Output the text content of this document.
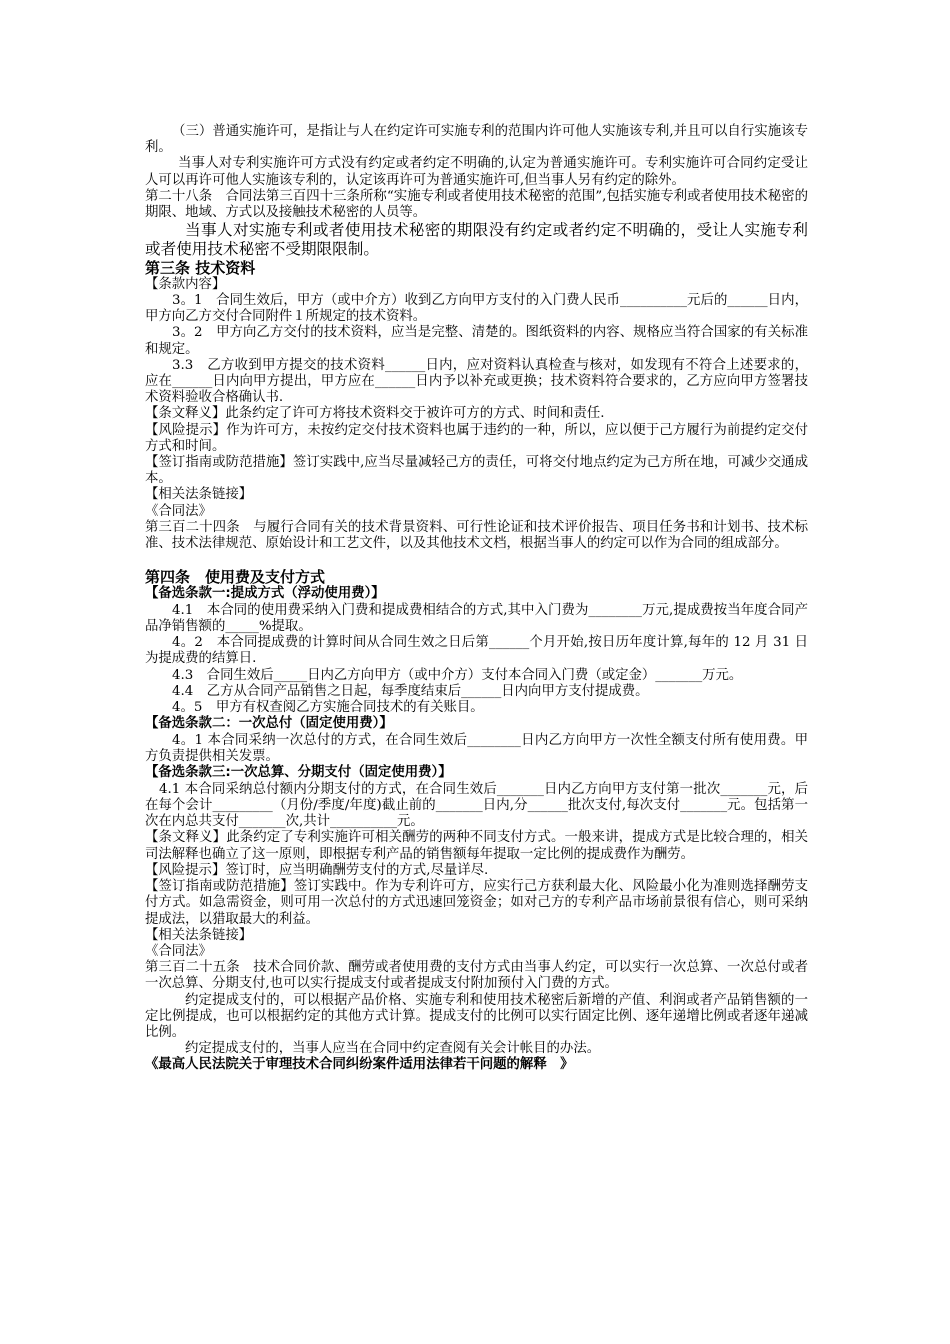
（三）普通实施许可，是指让与人在约定许可实施专利的范围内许可他人实施该专利,并且可以自行实施该专利。

当事人对专利实施许可方式没有约定或者约定不明确的,认定为普通实施许可。专利实施许可合同约定受让人可以再许可他人实施该专利的，认定该再许可为普通实施许可,但当事人另有约定的除外。

第二十八条　合同法第三百四十三条所称“实施专利或者使用技术秘密的范围”,包括实施专利或者使用技术秘密的期限、地域、方式以及接触技术秘密的人员等。

当事人对实施专利或者使用技术秘密的期限没有约定或者约定不明确的，受让人实施专利或者使用技术秘密不受期限限制。

第三条 技术资料

【条款内容】

3。1　合同生效后，甲方（或中介方）收到乙方向甲方支付的入门费人民币__________元后的______日内，甲方向乙方交付合同附件１所规定的技术资料。

3。2　甲方向乙方交付的技术资料，应当是完整、清楚的。图纸资料的内容、规格应当符合国家的有关标准和规定。

3.3　乙方收到甲方提交的技术资料______日内，应对资料认真检查与核对，如发现有不符合上述要求的，应在______日内向甲方提出，甲方应在______日内予以补充或更换；技术资料符合要求的，乙方应向甲方签署技术资料验收合格确认书.

【条文释义】此条约定了许可方将技术资料交于被许可方的方式、时间和责任.

【风险提示】作为许可方，未按约定交付技术资料也属于违约的一种，所以，应以便于己方履行为前提约定交付方式和时间。

【签订指南或防范措施】签订实践中,应当尽量减轻己方的责任，可将交付地点约定为己方所在地，可减少交通成本。

【相关法条链接】

《合同法》

第三百二十四条　与履行合同有关的技术背景资料、可行性论证和技术评价报告、项目任务书和计划书、技术标准、技术法律规范、原始设计和工艺文件，以及其他技术文档，根据当事人的约定可以作为合同的组成部分。

第四条　使用费及支付方式

【备选条款一:提成方式（浮动使用费）】

4.1　本合同的使用费采纳入门费和提成费相结合的方式,其中入门费为________万元,提成费按当年度合同产品净销售额的_____%提取。

4。2　本合同提成费的计算时间从合同生效之日后第______个月开始,按日历年度计算,每年的 12 月 31 日为提成费的结算日.

4.3　合同生效后_____日内乙方向甲方（或中介方）支付本合同入门费（或定金）_______万元。

4.4　乙方从合同产品销售之日起，每季度结束后______日内向甲方支付提成费。

4。5　甲方有权查阅乙方实施合同技术的有关账目。

【备选条款二：一次总付（固定使用费）】

4。1 本合同采纳一次总付的方式，在合同生效后________日内乙方向甲方一次性全额支付所有使用费。甲方负责提供相关发票。

【备选条款三:一次总算、分期支付（固定使用费）】

4.1 本合同采纳总付额内分期支付的方式，在合同生效后_______日内乙方向甲方支付第一批次_______元，后在每个会计_________（月份/季度/年度)截止前的_______日内,分______批次支付,每次支付_______元。包括第一次在内总共支付_______次,共计__________元。

【条文释义】此条约定了专利实施许可相关酬劳的两种不同支付方式。一般来讲，提成方式是比较合理的，相关司法解释也确立了这一原则，即根据专利产品的销售额每年提取一定比例的提成费作为酬劳。

【风险提示】签订时，应当明确酬劳支付的方式,尽量详尽.

【签订指南或防范措施】签订实践中。作为专利许可方，应实行己方获利最大化、风险最小化为准则选择酬劳支付方式。如急需资金，则可用一次总付的方式迅速回笼资金；如对己方的专利产品市场前景很有信心，则可采纳提成法，以猎取最大的利益。

【相关法条链接】

《合同法》

第三百二十五条　技术合同价款、酬劳或者使用费的支付方式由当事人约定，可以实行一次总算、一次总付或者一次总算、分期支付,也可以实行提成支付或者提成支付附加预付入门费的方式。

约定提成支付的，可以根据产品价格、实施专利和使用技术秘密后新增的产值、利润或者产品销售额的一定比例提成，也可以根据约定的其他方式计算。提成支付的比例可以实行固定比例、逐年递增比例或者逐年递减比例。

约定提成支付的，当事人应当在合同中约定查阅有关会计帐目的办法。

《最高人民法院关于审理技术合同纠纷案件适用法律若干问题的解释　》
